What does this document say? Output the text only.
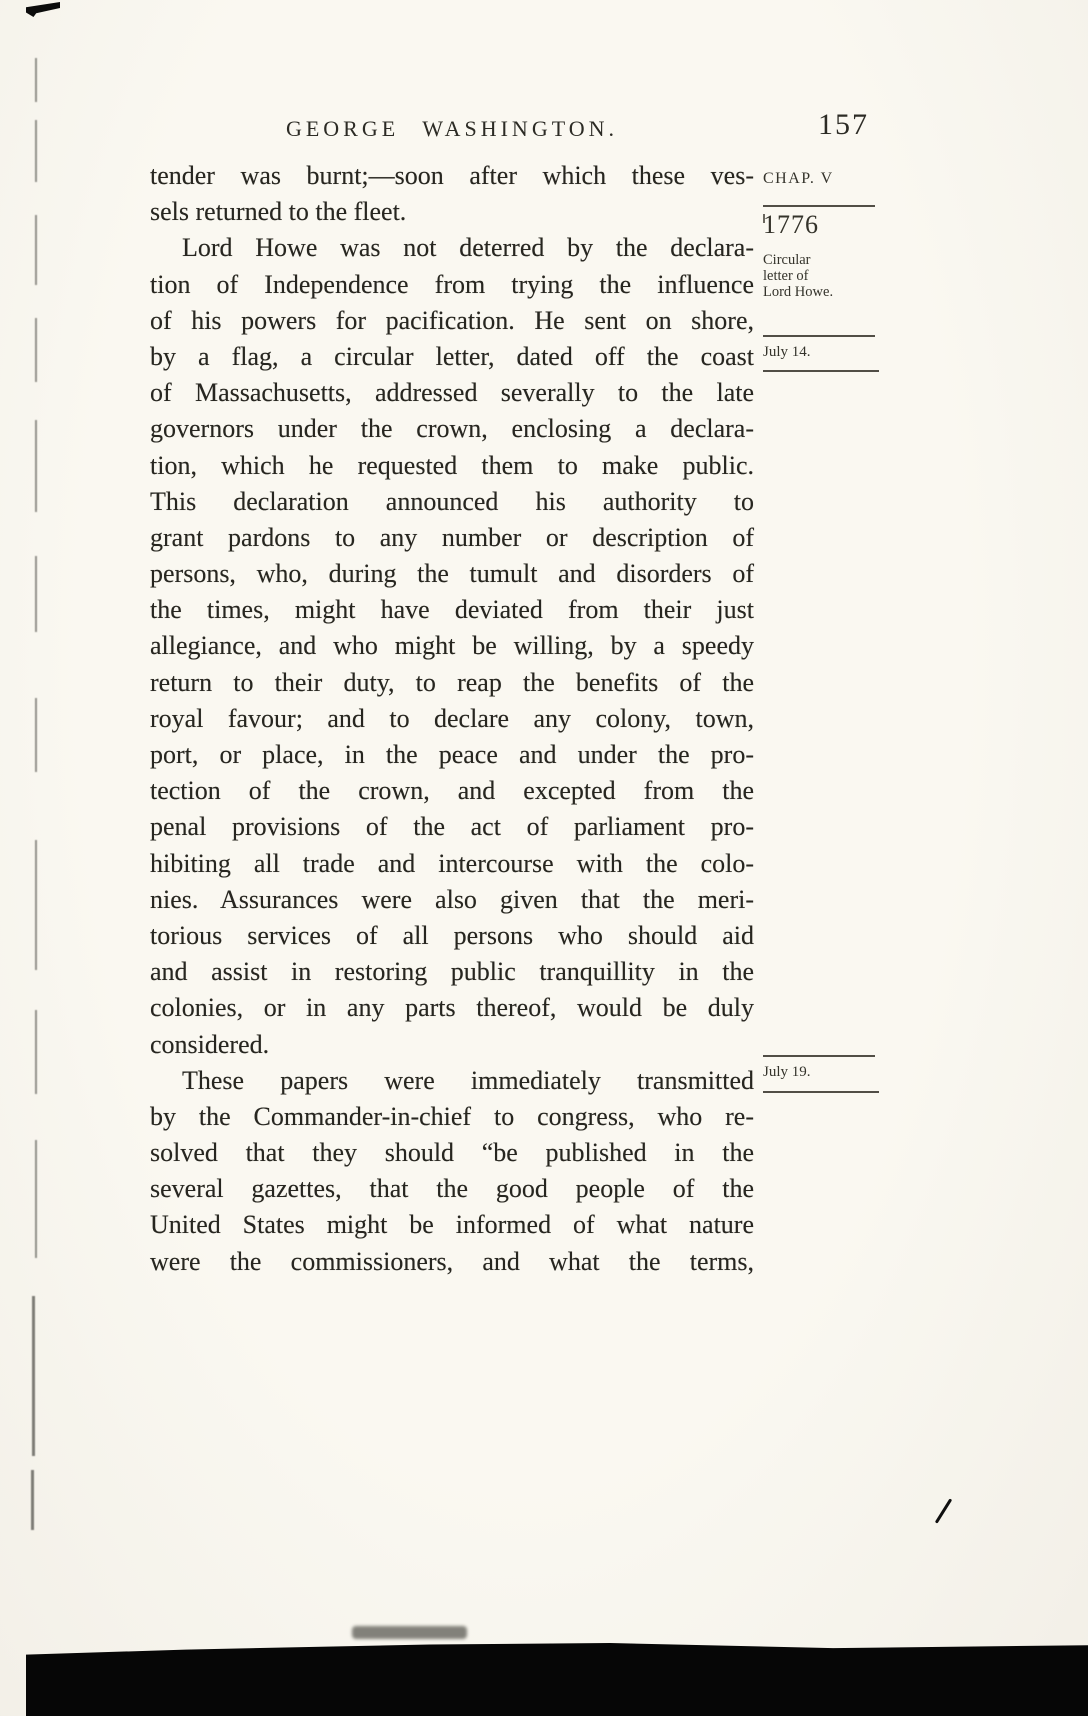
GEORGE WASHINGTON.	157
tender was burnt;—soon after which these ves-
sels returned to the fleet.
Lord Howe was not deterred by the declara-
tion of Independence from trying the influence
of his powers for pacification. He sent on shore,
by a flag, a circular letter, dated off the coast
of Massachusetts, addressed severally to the late
governors under the crown, enclosing a declara-
tion, which he requested them to make public.
This declaration announced his authority to
grant pardons to any number or description of
persons, who, during the tumult and disorders of
the times, might have deviated from their just
allegiance, and who might be willing, by a speedy
return to their duty, to reap the benefits of the
royal favour; and to declare any colony, town,
port, or place, in the peace and under the pro-
tection of the crown, and excepted from the
penal provisions of the act of parliament pro-
hibiting all trade and intercourse with the colo-
nies. Assurances were also given that the meri-
torious services of all persons who should aid
and assist in restoring public tranquillity in the
colonies, or in any parts thereof, would be duly
considered.
These papers were immediately transmitted
by the Commander-in-chief to congress, who re-
solved that they should “be published in the
several gazettes, that the good people of the
United States might be informed of what nature
were the commissioners, and what the terms,
CHAP. V
1776
Circular
letter of
Lord Howe.
July 14.
July 19.
